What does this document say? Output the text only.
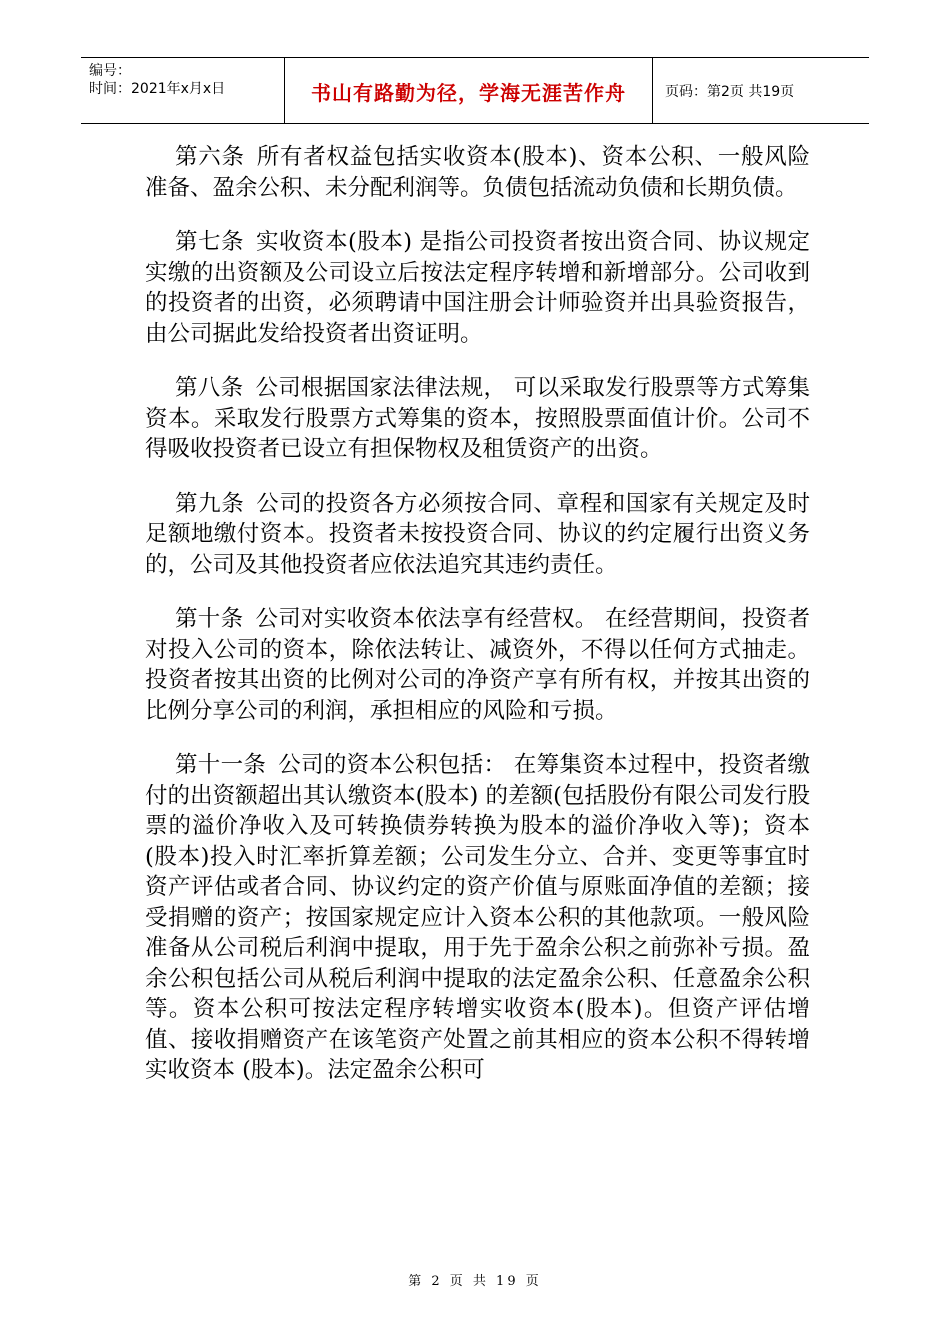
编号：
时间：2021年x月x日	书山有路勤为径，学海无涯苦作舟	页码：第2页 共19页

第六条 所有者权益包括实收资本(股本)、资本公积、一般风险准备、盈余公积、未分配利润等。负债包括流动负债和长期负债。

第七条 实收资本(股本) 是指公司投资者按出资合同、协议规定实缴的出资额及公司设立后按法定程序转增和新增部分。公司收到的投资者的出资，必须聘请中国注册会计师验资并出具验资报告，由公司据此发给投资者出资证明。

第八条 公司根据国家法律法规， 可以采取发行股票等方式筹集资本。采取发行股票方式筹集的资本，按照股票面值计价。公司不得吸收投资者已设立有担保物权及租赁资产的出资。

第九条 公司的投资各方必须按合同、章程和国家有关规定及时足额地缴付资本。投资者未按投资合同、协议的约定履行出资义务的，公司及其他投资者应依法追究其违约责任。

第十条 公司对实收资本依法享有经营权。 在经营期间，投资者对投入公司的资本，除依法转让、减资外，不得以任何方式抽走。投资者按其出资的比例对公司的净资产享有所有权，并按其出资的比例分享公司的利润，承担相应的风险和亏损。

第十一条 公司的资本公积包括： 在筹集资本过程中，投资者缴付的出资额超出其认缴资本(股本) 的差额(包括股份有限公司发行股票的溢价净收入及可转换债券转换为股本的溢价净收入等)；资本(股本)投入时汇率折算差额；公司发生分立、合并、变更等事宜时资产评估或者合同、协议约定的资产价值与原账面净值的差额；接受捐赠的资产；按国家规定应计入资本公积的其他款项。一般风险准备从公司税后利润中提取，用于先于盈余公积之前弥补亏损。盈余公积包括公司从税后利润中提取的法定盈余公积、任意盈余公积等。资本公积可按法定程序转增实收资本(股本)。但资产评估增值、接收捐赠资产在该笔资产处置之前其相应的资本公积不得转增实收资本 (股本)。法定盈余公积可

第 2 页 共 19 页
